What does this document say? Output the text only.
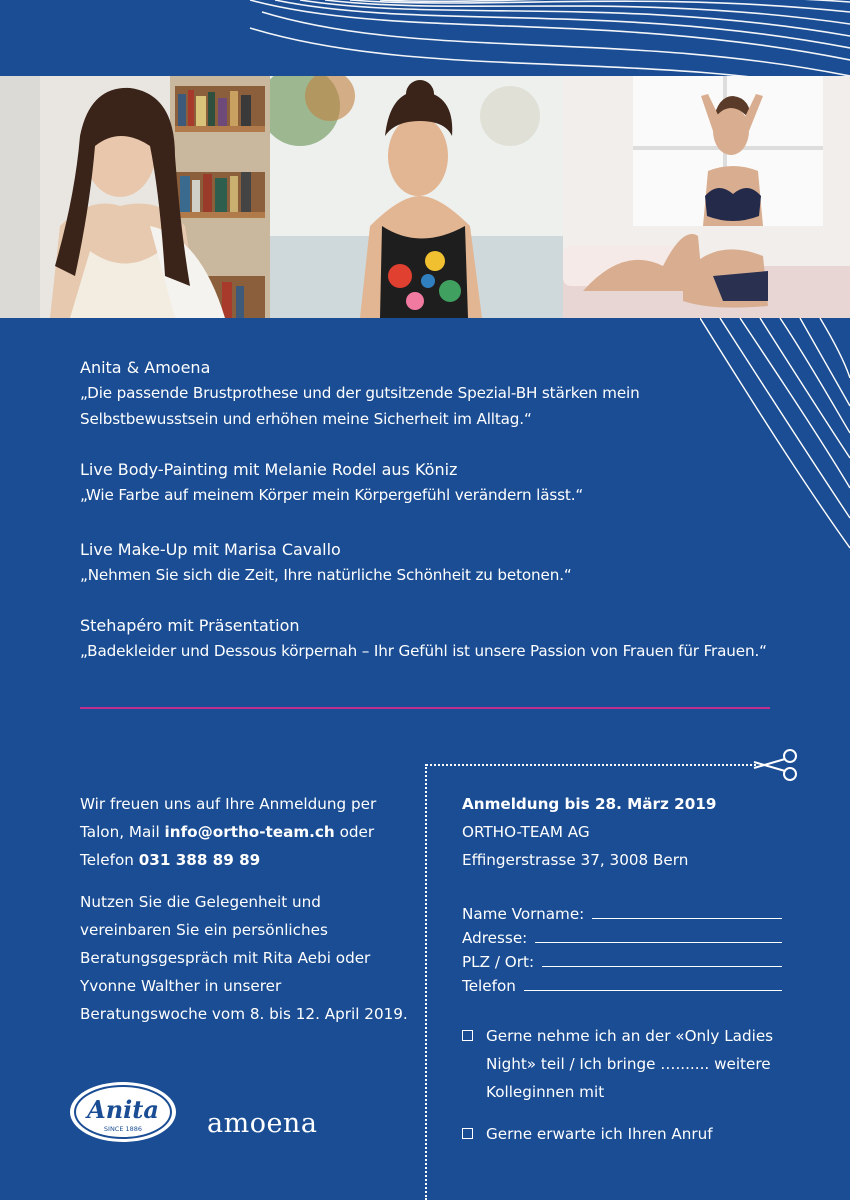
Anita & Amoena
„Die passende Brustprothese und der gutsitzende Spezial-BH stärken mein Selbstbewusstsein und erhöhen meine Sicherheit im Alltag.“
Live Body-Painting mit Melanie Rodel aus Köniz
„Wie Farbe auf meinem Körper mein Körpergefühl verändern lässt.“
Live Make-Up mit Marisa Cavallo
„Nehmen Sie sich die Zeit, Ihre natürliche Schönheit zu betonen.“
Stehapéro mit Präsentation
„Badekleider und Dessous körpernah – Ihr Gefühl ist unsere Passion von Frauen für Frauen.“

Wir freuen uns auf Ihre Anmeldung per Talon, Mail info@ortho-team.ch oder Telefon 031 388 89 89

Nutzen Sie die Gelegenheit und vereinbaren Sie ein persönliches Beratungsgespräch mit Rita Aebi oder Yvonne Walther in unserer Beratungswoche vom 8. bis 12. April 2019.

Anmeldung bis 28. März 2019
ORTHO-TEAM AG
Effingerstrasse 37, 3008 Bern
Name Vorname:
Adresse:
PLZ / Ort:
Telefon
Gerne nehme ich an der «Only Ladies Night» teil / Ich bringe …....... weitere Kolleginnen mit
Gerne erwarte ich Ihren Anruf
Anita
SINCE 1886 amoena
